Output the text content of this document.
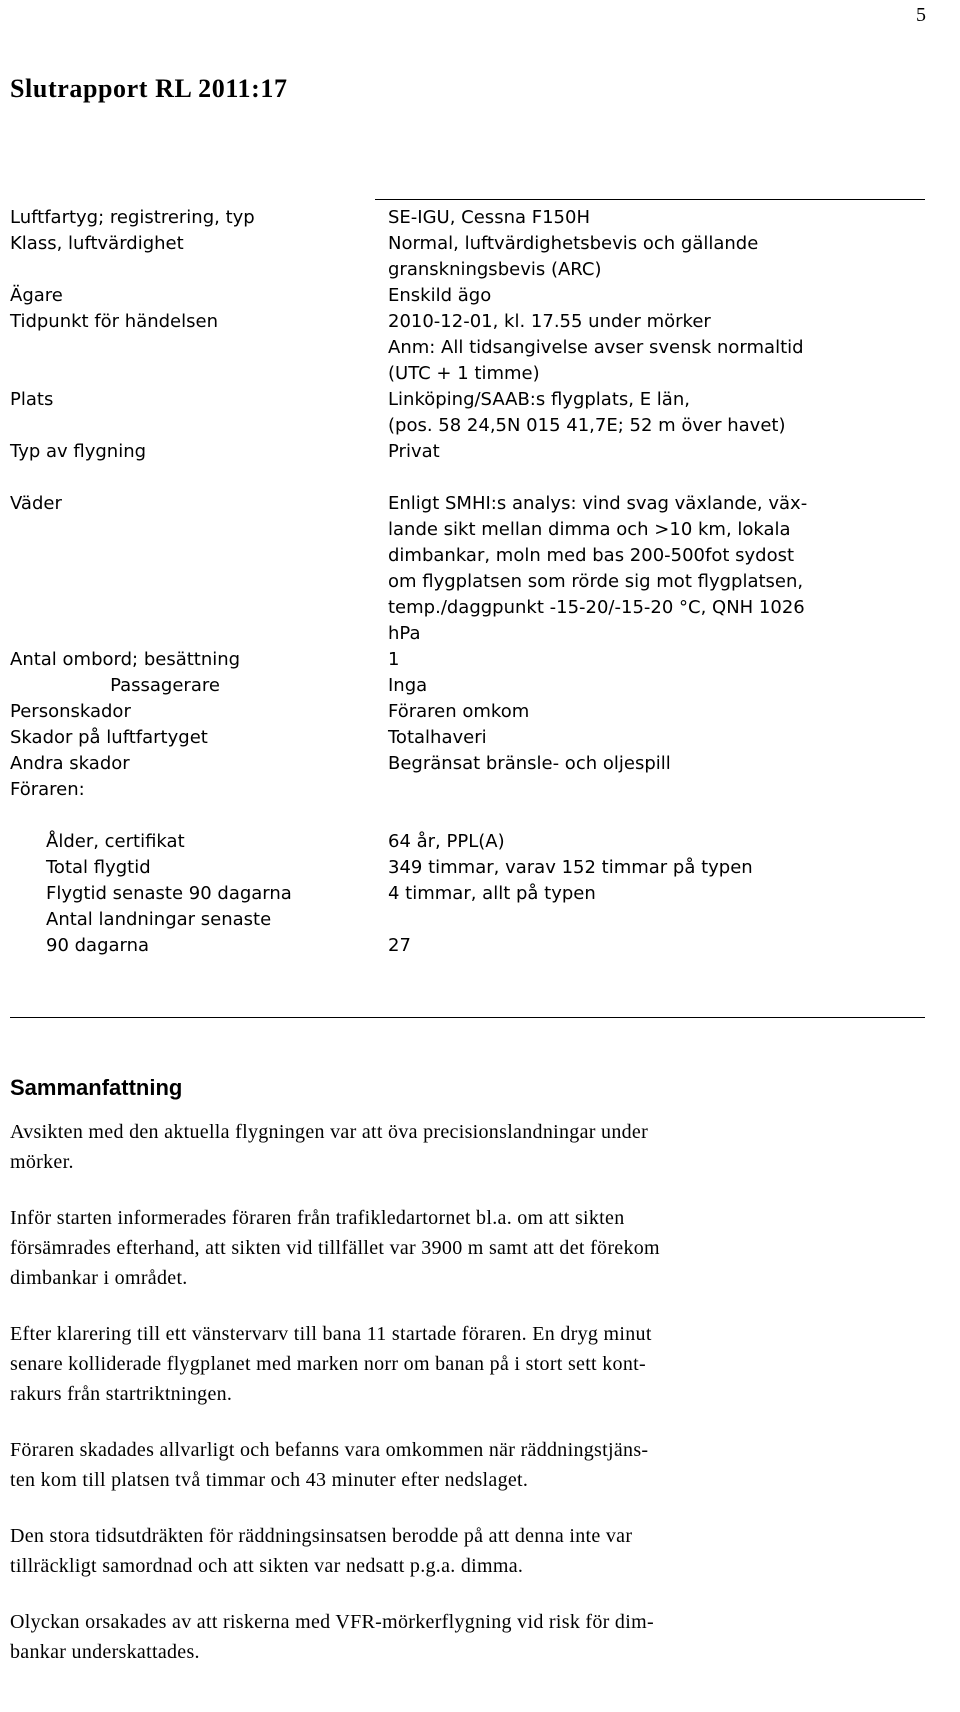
5
Slutrapport RL 2011:17
Luftfartyg; registrering, typ	SE-IGU, Cessna F150H
Klass, luftvärdighet	Normal, luftvärdighetsbevis och gällande
granskningsbevis (ARC)
Ägare	Enskild ägo
Tidpunkt för händelsen	2010-12-01, kl. 17.55 under mörker
Anm: All tidsangivelse avser svensk normaltid
(UTC + 1 timme)
Plats	Linköping/SAAB:s flygplats, E län,
(pos. 58 24,5N 015 41,7E; 52 m över havet)
Typ av flygning	Privat
Väder	Enligt SMHI:s analys: vind svag växlande, väx-
lande sikt mellan dimma och >10 km, lokala
dimbankar, moln med bas 200-500fot sydost
om flygplatsen som rörde sig mot flygplatsen,
temp./daggpunkt -15-20/-15-20 °C, QNH 1026
hPa
Antal ombord; besättning	1
Passagerare	Inga
Personskador	Föraren omkom
Skador på luftfartyget	Totalhaveri
Andra skador	Begränsat bränsle- och oljespill
Föraren:
Ålder, certifikat	64 år, PPL(A)
Total flygtid	349 timmar, varav 152 timmar på typen
Flygtid senaste 90 dagarna	4 timmar, allt på typen
Antal landningar senaste
90 dagarna	27
Sammanfattning

Avsikten med den aktuella flygningen var att öva precisionslandningar under
mörker.

Inför starten informerades föraren från trafikledartornet bl.a. om att sikten
försämrades efterhand, att sikten vid tillfället var 3900 m samt att det förekom
dimbankar i området.

Efter klarering till ett vänstervarv till bana 11 startade föraren. En dryg minut
senare kolliderade flygplanet med marken norr om banan på i stort sett kont-
rakurs från startriktningen.

Föraren skadades allvarligt och befanns vara omkommen när räddningstjäns-
ten kom till platsen två timmar och 43 minuter efter nedslaget.

Den stora tidsutdräkten för räddningsinsatsen berodde på att denna inte var
tillräckligt samordnad och att sikten var nedsatt p.g.a. dimma.

Olyckan orsakades av att riskerna med VFR-mörkerflygning vid risk för dim-
bankar underskattades.
